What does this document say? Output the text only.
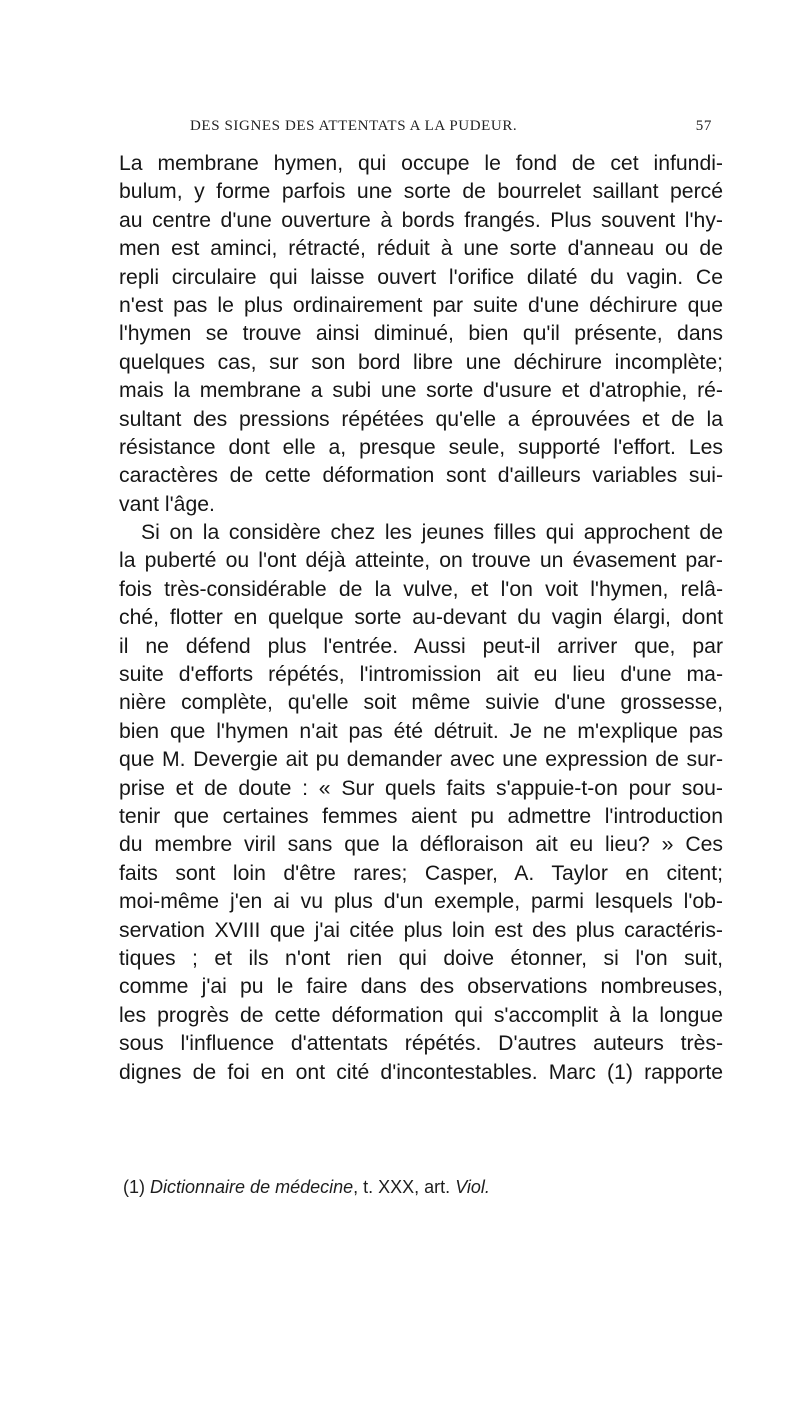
DES SIGNES DES ATTENTATS A LA PUDEUR.	57
La membrane hymen, qui occupe le fond de cet infundi-
bulum, y forme parfois une sorte de bourrelet saillant percé
au centre d'une ouverture à bords frangés. Plus souvent l'hy-
men est aminci, rétracté, réduit à une sorte d'anneau ou de
repli circulaire qui laisse ouvert l'orifice dilaté du vagin. Ce
n'est pas le plus ordinairement par suite d'une déchirure que
l'hymen se trouve ainsi diminué, bien qu'il présente, dans
quelques cas, sur son bord libre une déchirure incomplète;
mais la membrane a subi une sorte d'usure et d'atrophie, ré-
sultant des pressions répétées qu'elle a éprouvées et de la
résistance dont elle a, presque seule, supporté l'effort. Les
caractères de cette déformation sont d'ailleurs variables sui-
vant l'âge.
Si on la considère chez les jeunes filles qui approchent de
la puberté ou l'ont déjà atteinte, on trouve un évasement par-
fois très-considérable de la vulve, et l'on voit l'hymen, relâ-
ché, flotter en quelque sorte au-devant du vagin élargi, dont
il ne défend plus l'entrée. Aussi peut-il arriver que, par
suite d'efforts répétés, l'intromission ait eu lieu d'une ma-
nière complète, qu'elle soit même suivie d'une grossesse,
bien que l'hymen n'ait pas été détruit. Je ne m'explique pas
que M. Devergie ait pu demander avec une expression de sur-
prise et de doute : « Sur quels faits s'appuie-t-on pour sou-
tenir que certaines femmes aient pu admettre l'introduction
du membre viril sans que la défloraison ait eu lieu? » Ces
faits sont loin d'être rares; Casper, A. Taylor en citent;
moi-même j'en ai vu plus d'un exemple, parmi lesquels l'ob-
servation XVIII que j'ai citée plus loin est des plus caractéris-
tiques ; et ils n'ont rien qui doive étonner, si l'on suit,
comme j'ai pu le faire dans des observations nombreuses,
les progrès de cette déformation qui s'accomplit à la longue
sous l'influence d'attentats répétés. D'autres auteurs très-
dignes de foi en ont cité d'incontestables. Marc (1) rapporte
(1) Dictionnaire de médecine, t. XXX, art. Viol.
